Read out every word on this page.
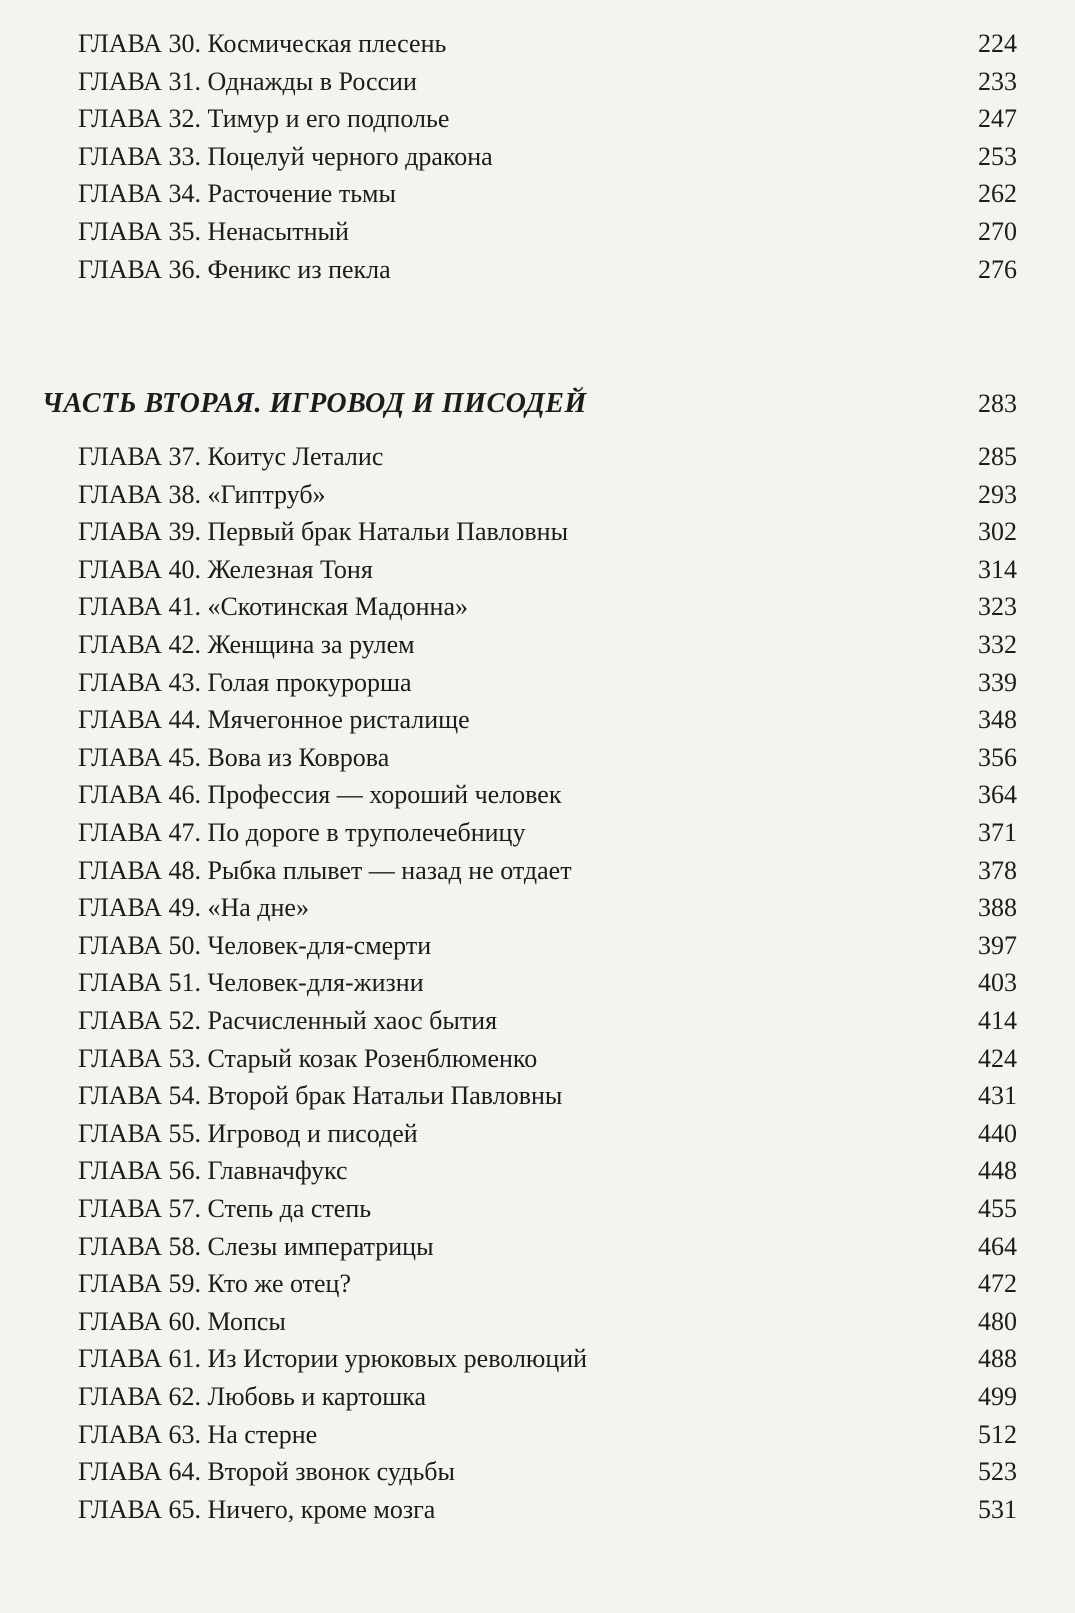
ГЛАВА 30. Космическая плесень	224
ГЛАВА 31. Однажды в России	233
ГЛАВА 32. Тимур и его подполье	247
ГЛАВА 33. Поцелуй черного дракона	253
ГЛАВА 34. Расточение тьмы	262
ГЛАВА 35. Ненасытный	270
ГЛАВА 36. Феникс из пекла	276
ЧАСТЬ ВТОРАЯ. ИГРОВОД И ПИСОДЕЙ	283
ГЛАВА 37. Коитус Леталис	285
ГЛАВА 38. «Гиптруб»	293
ГЛАВА 39. Первый брак Натальи Павловны	302
ГЛАВА 40. Железная Тоня	314
ГЛАВА 41. «Скотинская Мадонна»	323
ГЛАВА 42. Женщина за рулем	332
ГЛАВА 43. Голая прокурорша	339
ГЛАВА 44. Мячегонное ристалище	348
ГЛАВА 45. Вова из Коврова	356
ГЛАВА 46. Профессия — хороший человек	364
ГЛАВА 47. По дороге в труполечебницу	371
ГЛАВА 48. Рыбка плывет — назад не отдает	378
ГЛАВА 49. «На дне»	388
ГЛАВА 50. Человек-для-смерти	397
ГЛАВА 51. Человек-для-жизни	403
ГЛАВА 52. Расчисленный хаос бытия	414
ГЛАВА 53. Старый козак Розенблюменко	424
ГЛАВА 54. Второй брак Натальи Павловны	431
ГЛАВА 55. Игровод и писодей	440
ГЛАВА 56. Главначфукс	448
ГЛАВА 57. Степь да степь	455
ГЛАВА 58. Слезы императрицы	464
ГЛАВА 59. Кто же отец?	472
ГЛАВА 60. Мопсы	480
ГЛАВА 61. Из Истории урюковых революций	488
ГЛАВА 62. Любовь и картошка	499
ГЛАВА 63. На стерне	512
ГЛАВА 64. Второй звонок судьбы	523
ГЛАВА 65. Ничего, кроме мозга	531
